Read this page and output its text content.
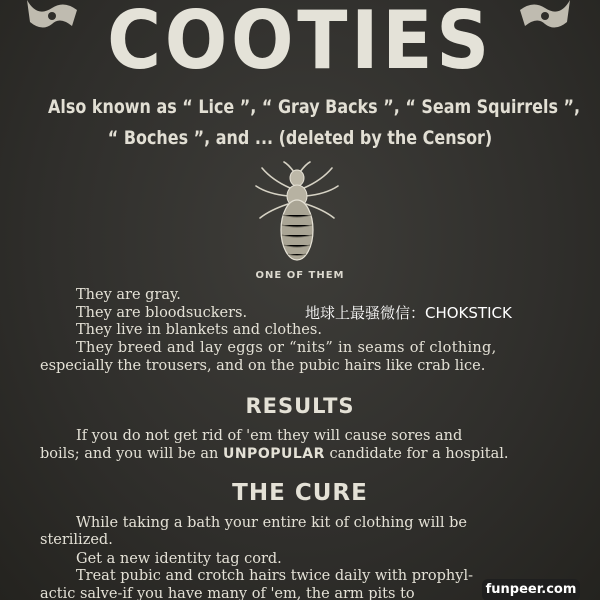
COOTIES
Also known as “ Lice ”, “ Gray Backs ”, “ Seam Squirrels ”,
“ Boches ”, and ... (deleted by the Censor)
ONE OF THEM
They are gray.
They are bloodsuckers.
They live in blankets and clothes.
They breed and lay eggs or “nits” in seams of clothing,
especially the trousers, and on the pubic hairs like crab lice.
地球上最骚微信：CHOKSTICK
RESULTS
If you do not get rid of 'em they will cause sores and
boils; and you will be an UNPOPULAR candidate for a hospital.
THE CURE
While taking a bath your entire kit of clothing will be
sterilized.
Get a new identity tag cord.
Treat pubic and crotch hairs twice daily with prophyl-
actic salve-if you have many of 'em, the arm pits to	funpeer.com
